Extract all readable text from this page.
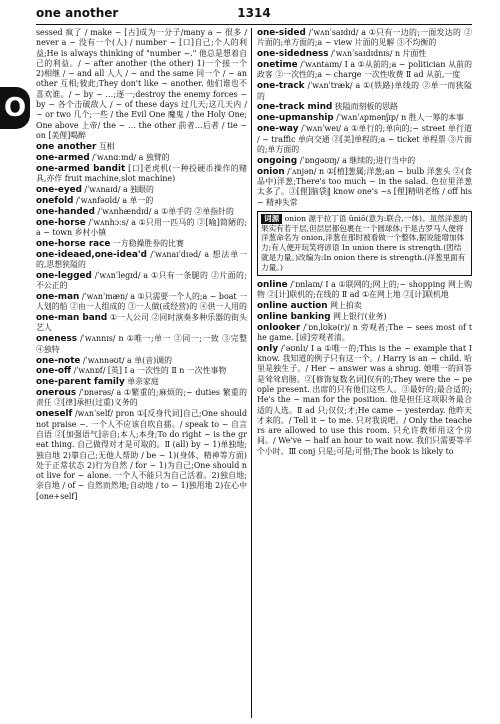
one another	1314
O
sessed 疯了 / make ~ [古]成为一分子/many a ~ 很多 / never a ~ 没有一个(人) / number ~ [口]自己;个人的利益;He is always thinking of "number ~." 他总是想着自己的利益。/ ~ after another (the other) 1)一个接一个 2)相继 / ~ and all 人人 / ~ and the same 同一个 / ~ another 互相;彼此;They don't like ~ another. 他们谁也不喜欢谁。/ ~ by ~ …;逐一;destroy the enemy forces ~ by ~ 各个击破敌人 / ~ of these days 过几天;这几天内 / ~ or two 几个;一些 / the Evil One 魔鬼 / the Holy One;One above 上帝/ the ~ … the other 前者…后者 / tie ~ on [美俚]喝醉
one another 互相
one-armed /ˈwʌnɑːmd/ a 独臂的
one-armed bandit [口]老虎机(一种投硬币操作的赌具,亦作 fruit machine,slot machine)
one-eyed /ˈwʌnaɪd/ a 独眼的
onefold /ˈwʌnfəʊld/ a 单一的
one-handed /ˈwʌnhændɪd/ a ①单手的 ②单指针的
one-horse /ˈwʌnhɔːs/ a ①只用一匹马的 ②[喻]简陋的;a ~ town 乡村小镇
one-horse race 一方稳操胜券的比赛
one-ideaed,one-idea'd /ˈwʌnaɪˈdɪəd/ a 想法单一的,思想狭隘的
one-legged /ˈwʌnˈlegɪd/ a ①只有一条腿的 ②片面的;不公正的
one-man /ˈwʌnˈmæn/ a ①只需要一个人的;a ~ boat 一人划的船 ②由一人组成的 ③一人做(或经营)的 ④供一人用的
one-man band ①一人公司 ②同时演奏多种乐器的街头艺人
oneness /ˈwʌnnɪs/ n ①唯一;单一 ②同一;一致 ③完整 ④独特
one-note /ˈwʌnnəʊt/ a 单(音)调的
one-off /ˈwʌnɒf/ [英] I a 一次性的 Ⅱ n 一次性事物
one-parent family 单亲家庭
onerous /ˈɒnərəs/ a ①繁重的;麻烦的;~ duties 繁重的责任 ②[律]承担(过重)义务的
oneself /wʌnˈself/ pron ①[反身代词]自己;One should not praise ~. 一个人不应该自吹自擂。/ speak to ~ 自言自语 ②[加强语气]亲自;本人;本身;To do right ~ is the great thing. 自己做得对才是可取的。Ⅱ (all) by ~ 1)单独地;独自地 2)靠自己;无他人帮助 / be ~ 1)(身体、精神等方面)处于正常状态 2)行为自然 / for ~ 1)为自己;One should not live for ~ alone. 一个人不能只为自己活着。2)独自地;亲自地 / of ~ 自然而然地;自动地 / to ~ 1)独用地 2)在心中[one+self]
one-sided /ˈwʌnˈsaɪdɪd/ a ①只有一边的;一面发达的 ②片面的;单方面的;a ~ view 片面的见解 ③不均衡的
one-sidedness /ˈwʌnˈsaɪdɪdnɪs/ n 片面性
onetime /ˈwʌntaɪm/ I a ①从前的;a ~ politician 从前的政客 ②一次性的;a ~ charge 一次性收费 Ⅱ ad 从前,一度
one-track /ˈwʌnˈtræk/ a ①(铁路)单线的 ②单一而狭隘的
one-track mind 狭隘而刻板的思路
one-upmanship /ˈwʌnˈʌpmənʃɪp/ n 胜人一筹的本事
one-way /ˈwʌnˈweɪ/ a ①单行的;单向的;~ street 单行道 / ~ traffic 单向交通 ②[美]单程的;a ~ ticket 单程票 ③片面的;单方面的
ongoing /ˈɒnɡəʊɪŋ/ a 继续的;进行当中的
onion /ˈʌnjən/ n ①[植]葱属;洋葱;an ~ bulb 洋葱头 ②(食品中)洋葱;There's too much ~ in the salad. 色拉里洋葱太多了。③[俚]脑袋‖ know one's ~s [俚]精明老练 / off his ~ 精神失常
词源 onion 源于拉丁语 ūniō(意为:联合,一体)。虽然洋葱的果实有若干层,但层层都包裹在一个圆球体;于是古罗马人便将洋葱命名为 onion,洋葱在那时被看做一个整体,据说能增加体力;有人便开玩笑将谚语 In union there is strength.(团结就是力量。)改编为:In onion there is strength.(洋葱里面有力量。)
online /ˈɒnlaɪn/ I a ①联网的;网上的;~ shopping 网上购物 ②[计]联机的;在线的 Ⅱ ad ①在网上地 ②[计]联机地
online auction 网上拍卖
online banking 网上银行(业务)
onlooker /ˈɒnˌlʊkə(r)/ n 旁观者;The ~ sees most of the game. [谚]旁观者清。
only /ˈəʊnlɪ/ I a ①唯一的;This is the ~ example that I know. 我知道的例子只有这一个。/ Harry is an ~ child. 哈里是独生子。/ Her ~ answer was a shrug. 她唯一的回答是耸耸肩膀。②[修饰复数名词]仅有的;They were the ~ people present. 出席的只有他们这些人。③最好的;最合适的;He's the ~ man for the position. 他是担任这项职务最合适的人选。Ⅱ ad 只;仅仅;才;He came ~ yesterday. 他昨天才来的。/ Tell it ~ to me. 只对我说吧。/ Only the teachers are allowed to use this room. 只允许教师用这个房间。/ We've ~ half an hour to wait now. 我们只需要等半个小时。Ⅲ conj 只是;可是;可惜;The book is likely to
